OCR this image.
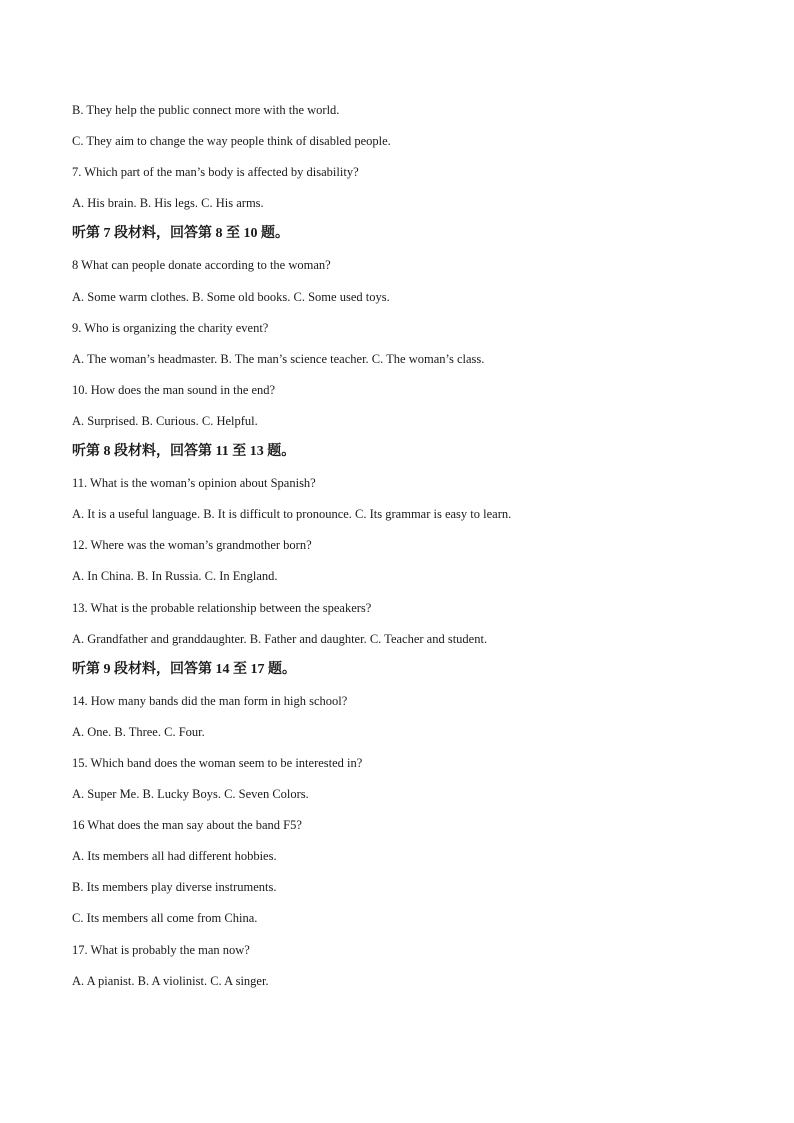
B. They help the public connect more with the world.
C. They aim to change the way people think of disabled people.
7. Which part of the man’s body is affected by disability?
A. His brain. B. His legs. C. His arms.
听第 7 段材料，回答第 8 至 10 题。
8 What can people donate according to the woman?
A. Some warm clothes. B. Some old books. C. Some used toys.
9. Who is organizing the charity event?
A. The woman’s headmaster. B. The man’s science teacher. C. The woman’s class.
10. How does the man sound in the end?
A. Surprised. B. Curious. C. Helpful.
听第 8 段材料，回答第 11 至 13 题。
11. What is the woman’s opinion about Spanish?
A. It is a useful language. B. It is difficult to pronounce. C. Its grammar is easy to learn.
12. Where was the woman’s grandmother born?
A. In China. B. In Russia. C. In England.
13. What is the probable relationship between the speakers?
A. Grandfather and granddaughter. B. Father and daughter. C. Teacher and student.
听第 9 段材料，回答第 14 至 17 题。
14. How many bands did the man form in high school?
A. One. B. Three. C. Four.
15. Which band does the woman seem to be interested in?
A. Super Me. B. Lucky Boys. C. Seven Colors.
16 What does the man say about the band F5?
A. Its members all had different hobbies.
B. Its members play diverse instruments.
C. Its members all come from China.
17. What is probably the man now?
A. A pianist. B. A violinist. C. A singer.
